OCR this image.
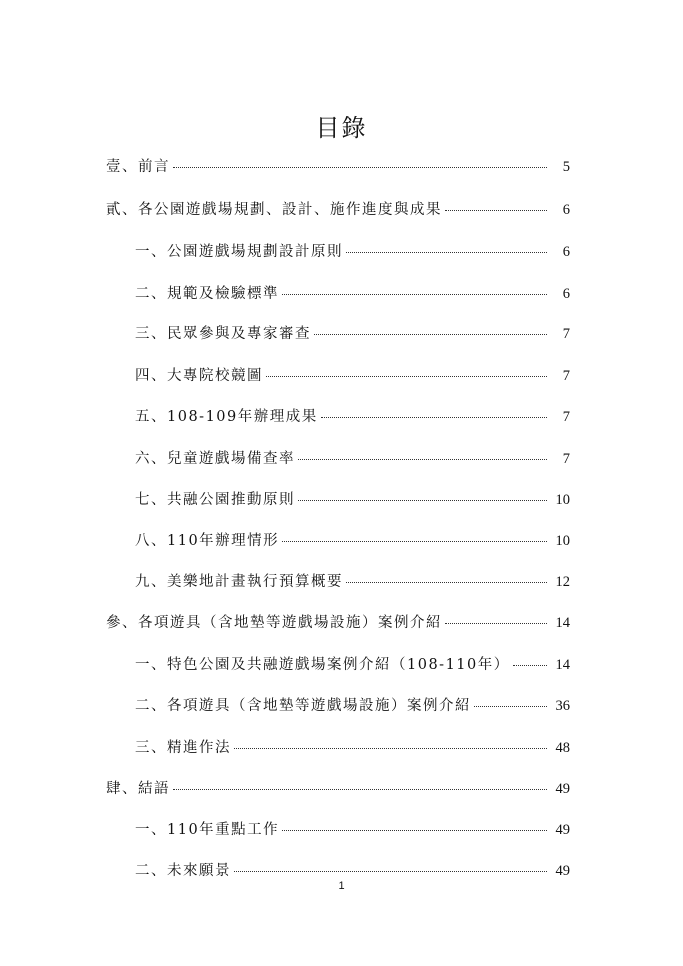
目錄
壹、前言	5
貳、各公園遊戲場規劃、設計、施作進度與成果	6
一、公園遊戲場規劃設計原則	6
二、規範及檢驗標準	6
三、民眾參與及專家審查	7
四、大專院校競圖	7
五、108-109年辦理成果	7
六、兒童遊戲場備查率	7
七、共融公園推動原則	10
八、110年辦理情形	10
九、美樂地計畫執行預算概要	12
參、各項遊具（含地墊等遊戲場設施）案例介紹	14
一、特色公園及共融遊戲場案例介紹（108-110年）	14
二、各項遊具（含地墊等遊戲場設施）案例介紹	36
三、精進作法	48
肆、結語	49
一、110年重點工作	49
二、未來願景	49
1
